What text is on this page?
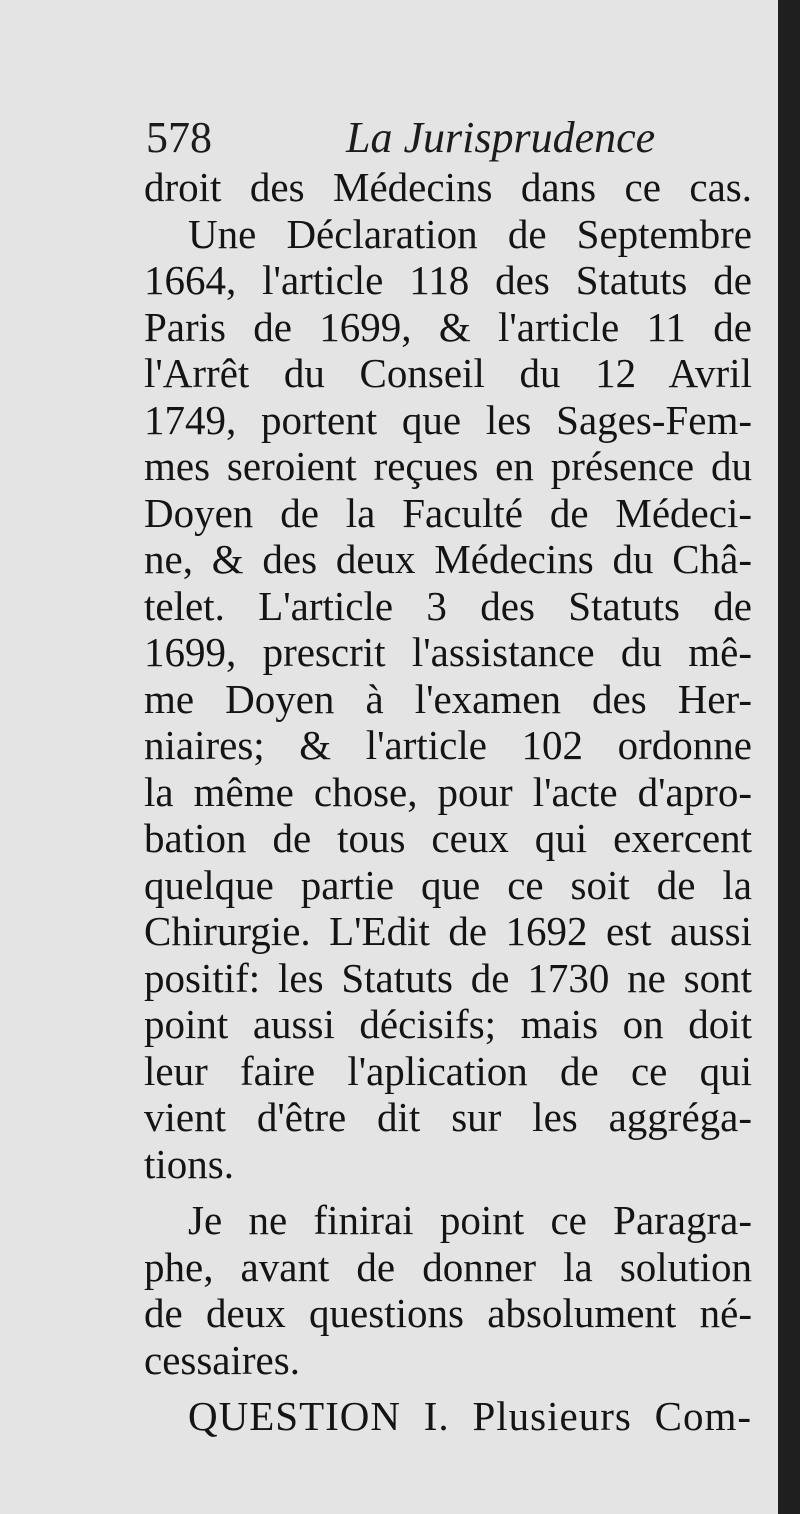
578	La Jurisprudence
droit des Médecins dans ce cas.
Une Déclaration de Septembre
1664, l'article 118 des Statuts de
Paris de 1699, & l'article 11 de
l'Arrêt du Conseil du 12 Avril
1749, portent que les Sages-Fem-
mes seroient reçues en présence du
Doyen de la Faculté de Médeci-
ne, & des deux Médecins du Châ-
telet. L'article 3 des Statuts de
1699, prescrit l'assistance du mê-
me Doyen à l'examen des Her-
niaires; & l'article 102 ordonne
la même chose, pour l'acte d'apro-
bation de tous ceux qui exercent
quelque partie que ce soit de la
Chirurgie. L'Edit de 1692 est aussi
positif: les Statuts de 1730 ne sont
point aussi décisifs; mais on doit
leur faire l'aplication de ce qui
vient d'être dit sur les aggréga-
tions.
Je ne finirai point ce Paragra-
phe, avant de donner la solution
de deux questions absolument né-
cessaires.
QUESTION I. Plusieurs Com-
